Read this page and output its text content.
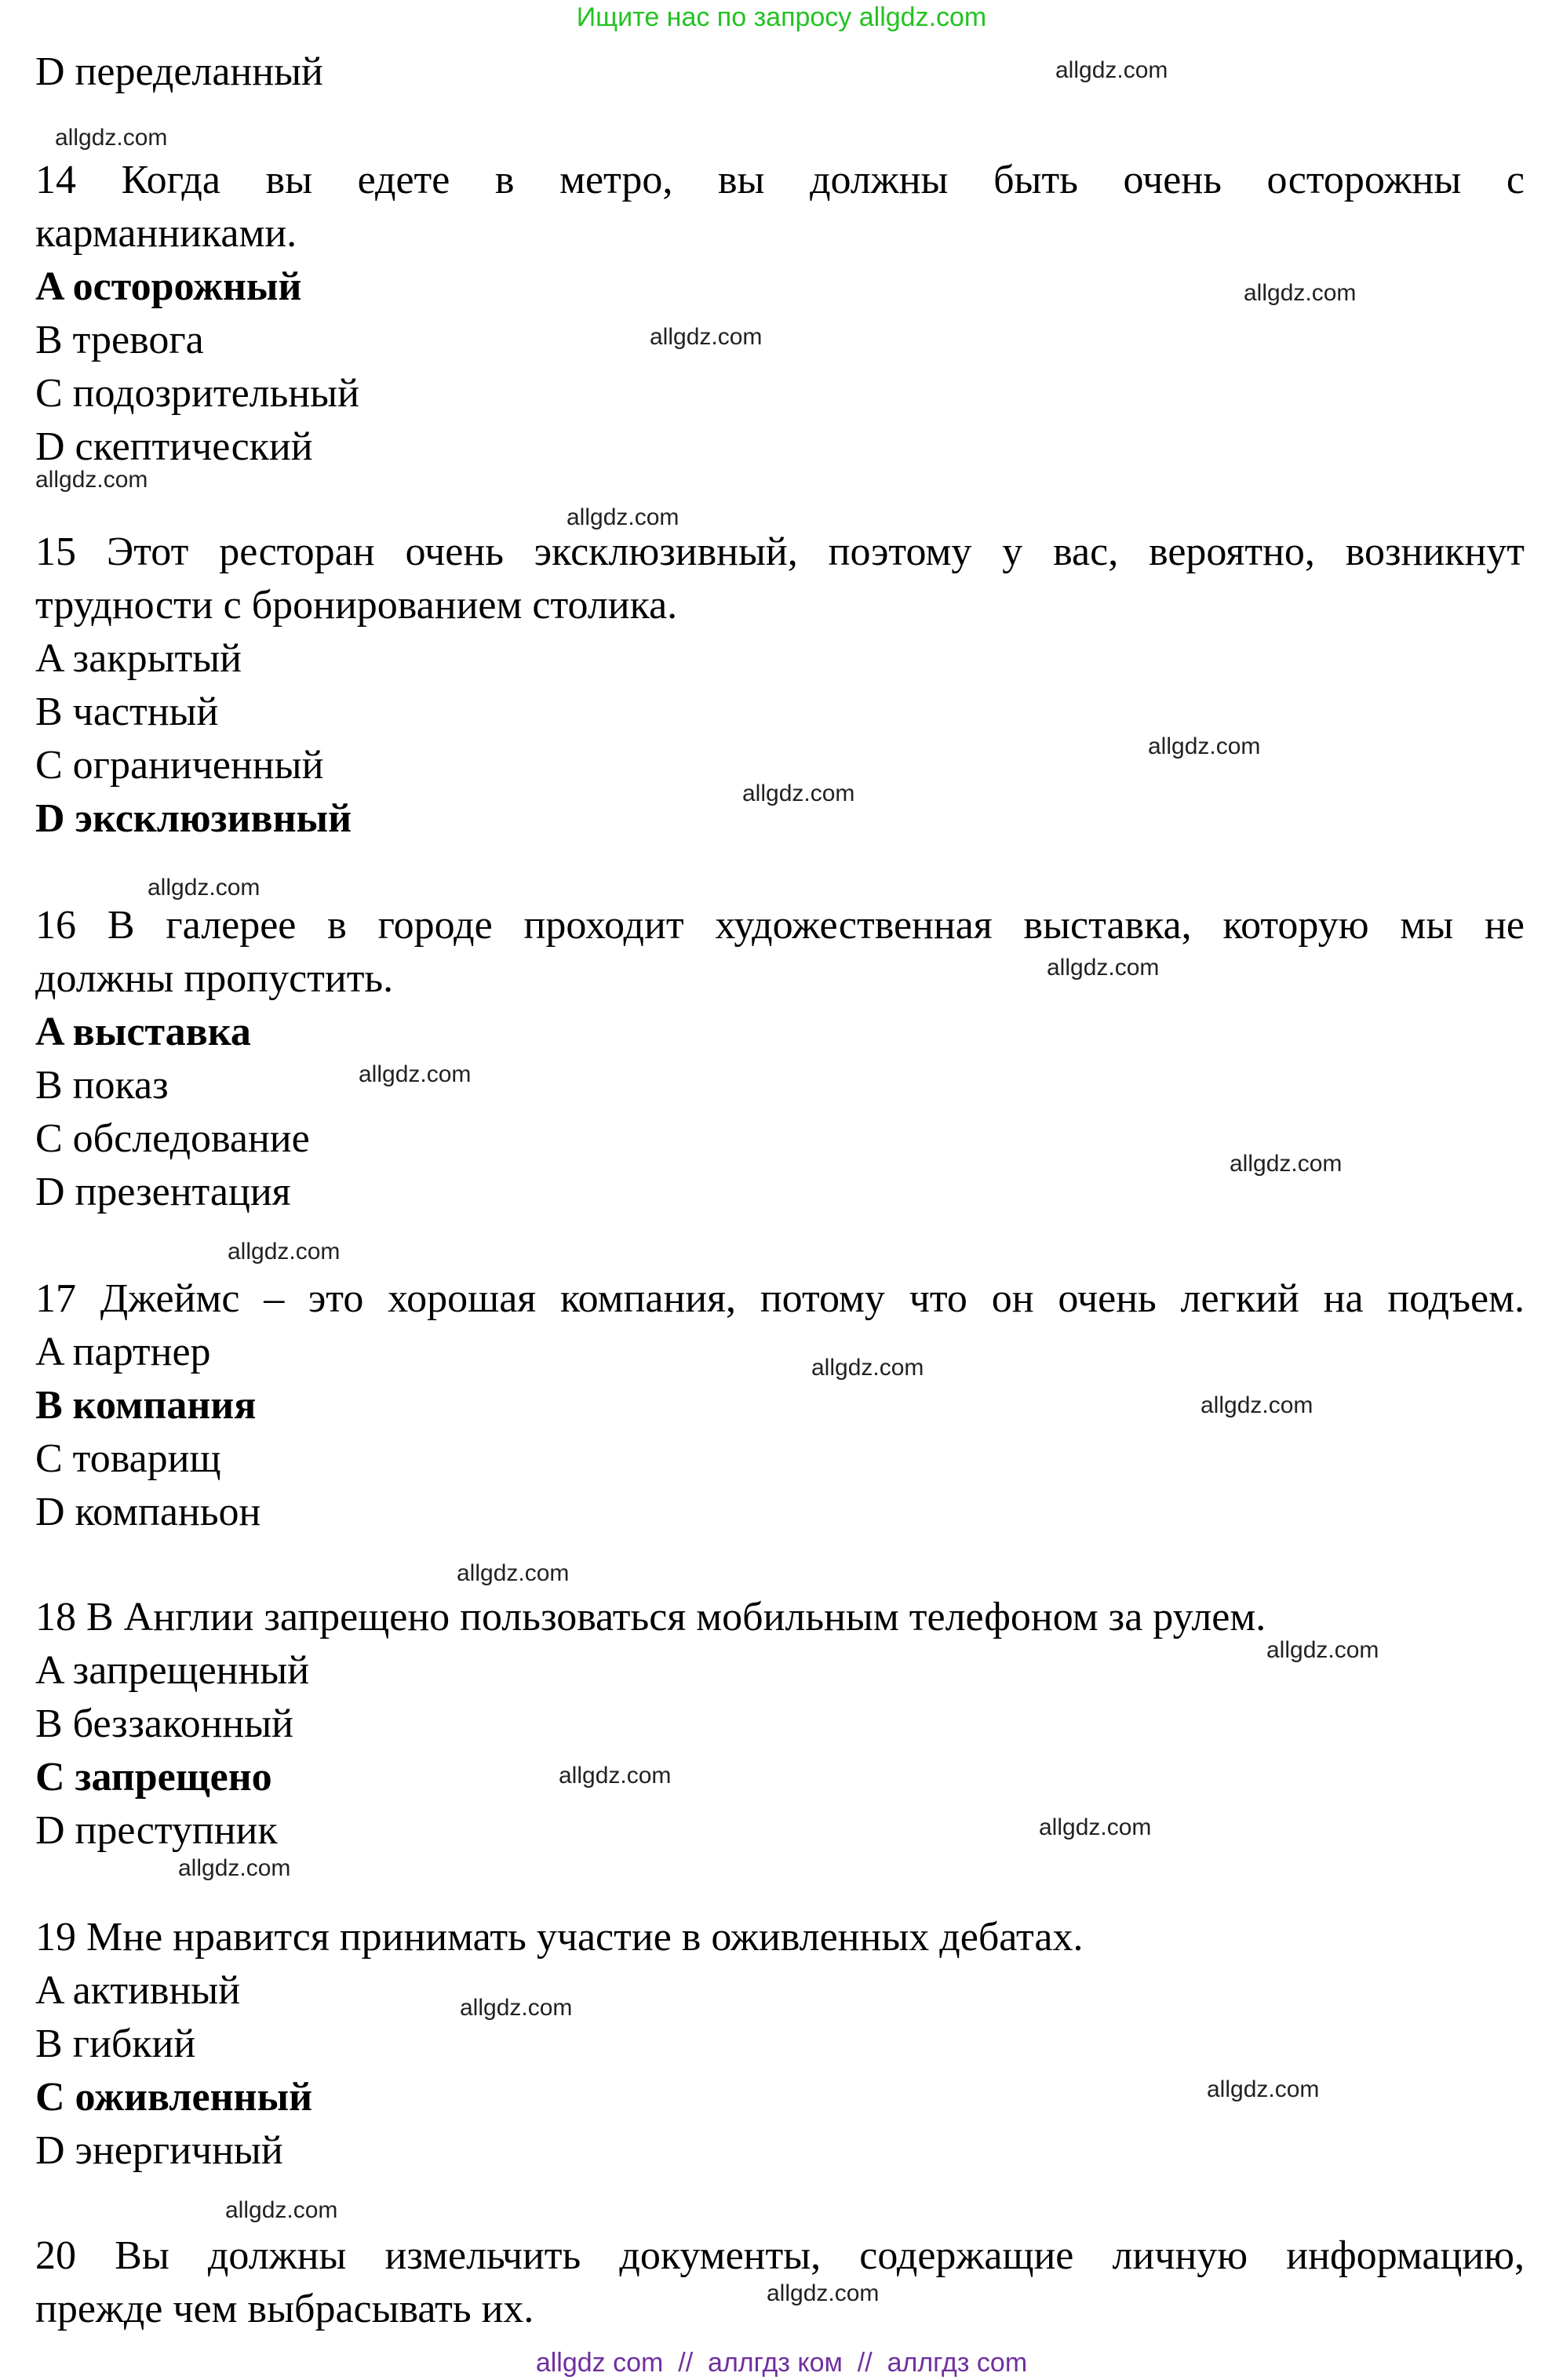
Ищите нас по запросу allgdz.com
D переделанный
14 Когда вы едете в метро, вы должны быть очень осторожны с
карманниками.
A осторожный
B тревога
C подозрительный
D скептический
15 Этот ресторан очень эксклюзивный, поэтому у вас, вероятно, возникнут
трудности с бронированием столика.
A закрытый
B частный
C ограниченный
D эксклюзивный
16 В галерее в городе проходит художественная выставка, которую мы не
должны пропустить.
A выставка
B показ
C обследование
D презентация
17 Джеймс – это хорошая компания, потому что он очень легкий на подъем.
A партнер
B компания
C товарищ
D компаньон
18 В Англии запрещено пользоваться мобильным телефоном за рулем.
A запрещенный
B беззаконный
C запрещено
D преступник
19 Мне нравится принимать участие в оживленных дебатах.
A активный
B гибкий
C оживленный
D энергичный
20 Вы должны измельчить документы, содержащие личную информацию,
прежде чем выбрасывать их.
allgdz.com
allgdz.com
allgdz.com
allgdz.com
allgdz.com
allgdz.com
allgdz.com
allgdz.com
allgdz.com
allgdz.com
allgdz.com
allgdz.com
allgdz.com
allgdz.com
allgdz.com
allgdz.com
allgdz.com
allgdz.com
allgdz.com
allgdz.com
allgdz.com
allgdz.com
allgdz.com
allgdz.com
allgdz com  //  аллгдз ком  //  аллгдз com
